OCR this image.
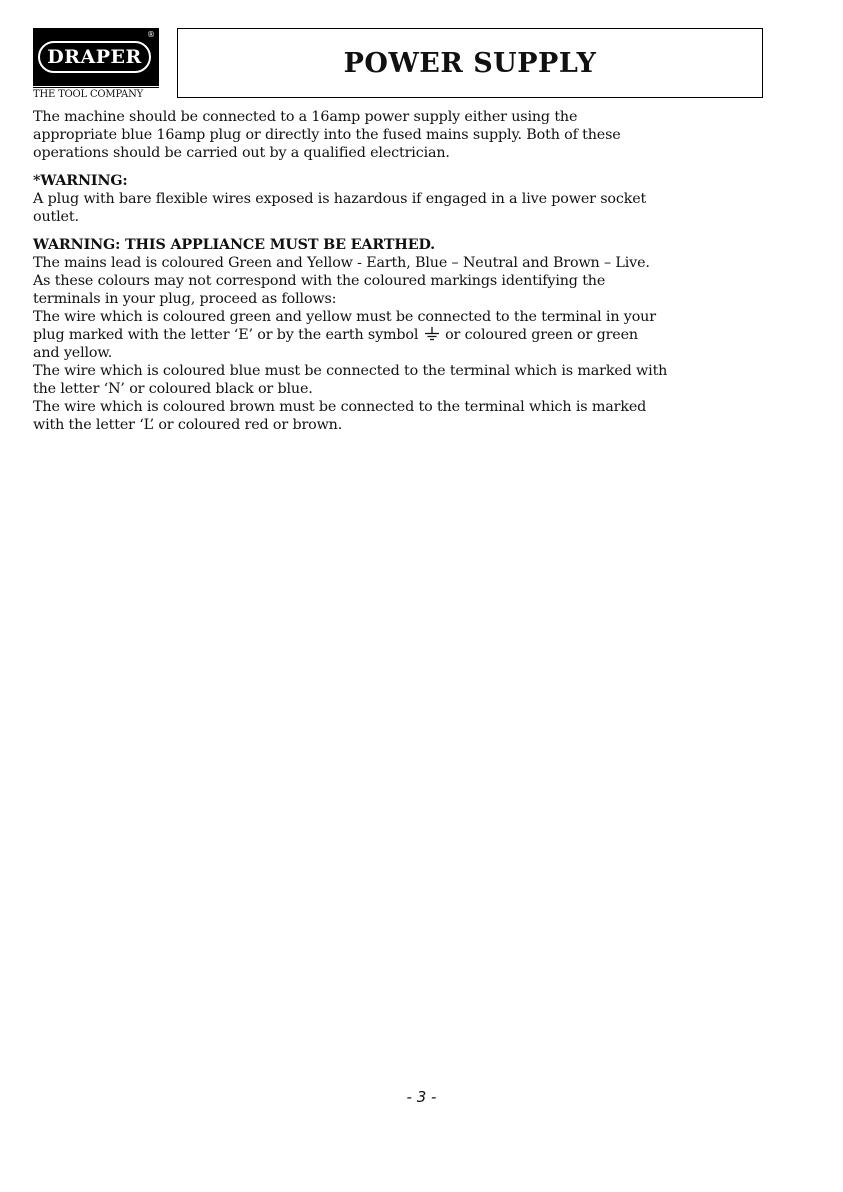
DRAPER
®
THE TOOL COMPANY
POWER SUPPLY

The machine should be connected to a 16amp power supply either using the

appropriate blue 16amp plug or directly into the fused mains supply. Both of these

operations should be carried out by a qualified electrician.

*WARNING:

A plug with bare flexible wires exposed is hazardous if engaged in a live power socket

outlet.

WARNING: THIS APPLIANCE MUST BE EARTHED.

The mains lead is coloured Green and Yellow - Earth, Blue – Neutral and Brown – Live.

As these colours may not correspond with the coloured markings identifying the

terminals in your plug, proceed as follows:

The wire which is coloured green and yellow must be connected to the terminal in your

plug marked with the letter ‘E’ or by the earth symbol  or coloured green or green

and yellow.

The wire which is coloured blue must be connected to the terminal which is marked with

the letter ‘N’ or coloured black or blue.

The wire which is coloured brown must be connected to the terminal which is marked

with the letter ‘L’ or coloured red or brown.

- 3 -
